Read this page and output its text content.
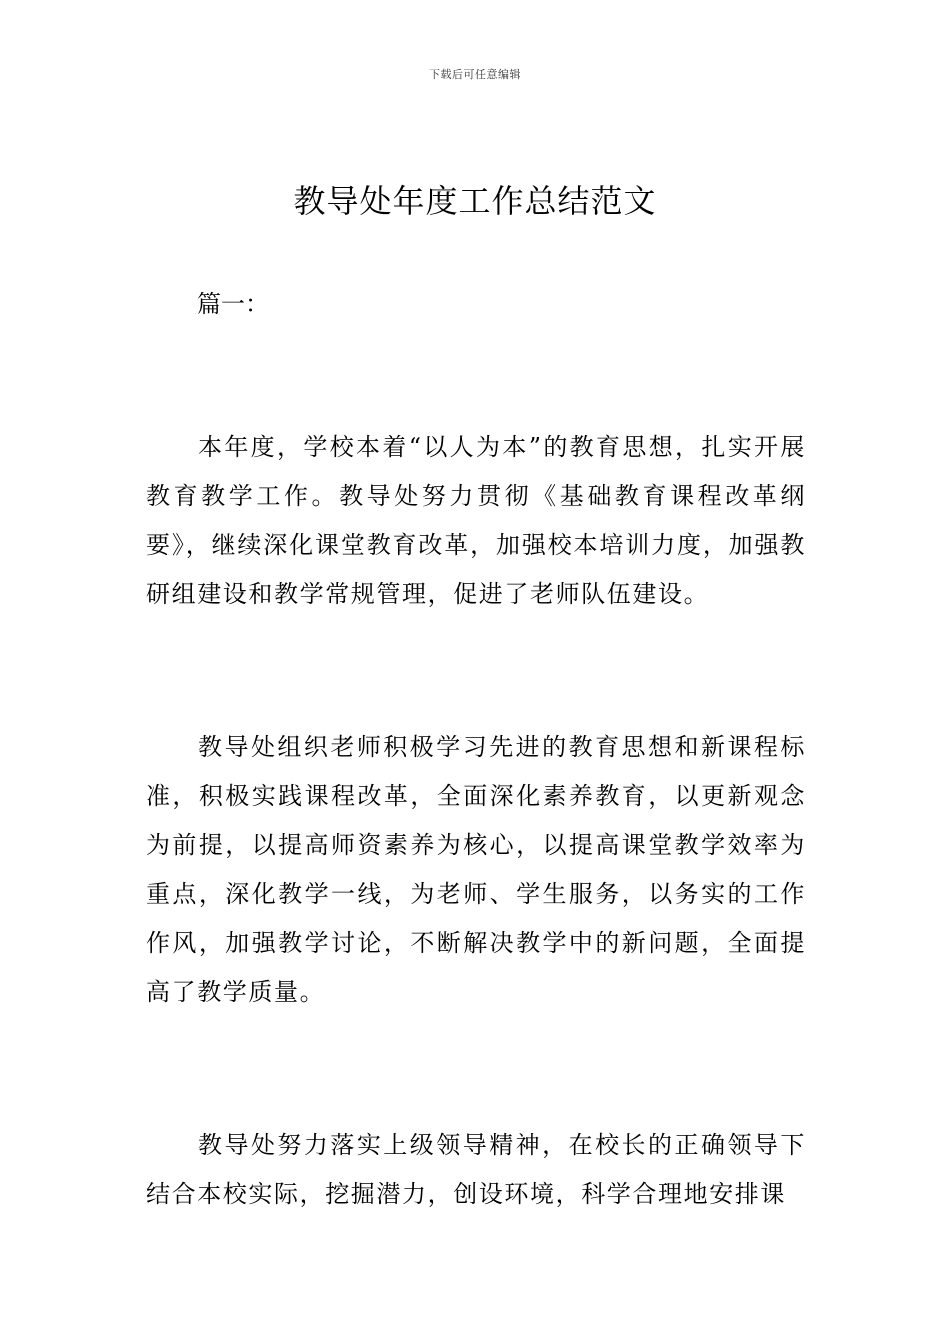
下载后可任意编辑
教导处年度工作总结范文
篇一：

本年度，学校本着“以人为本”的教育思想，扎实开展教育教学工作。教导处努力贯彻《基础教育课程改革纲要》，继续深化课堂教育改革，加强校本培训力度，加强教研组建设和教学常规管理，促进了老师队伍建设。

教导处组织老师积极学习先进的教育思想和新课程标准，积极实践课程改革，全面深化素养教育，以更新观念为前提，以提高师资素养为核心，以提高课堂教学效率为重点，深化教学一线，为老师、学生服务，以务实的工作作风，加强教学讨论，不断解决教学中的新问题，全面提高了教学质量。

教导处努力落实上级领导精神，在校长的正确领导下结合本校实际，挖掘潜力，创设环境，科学合理地安排课
